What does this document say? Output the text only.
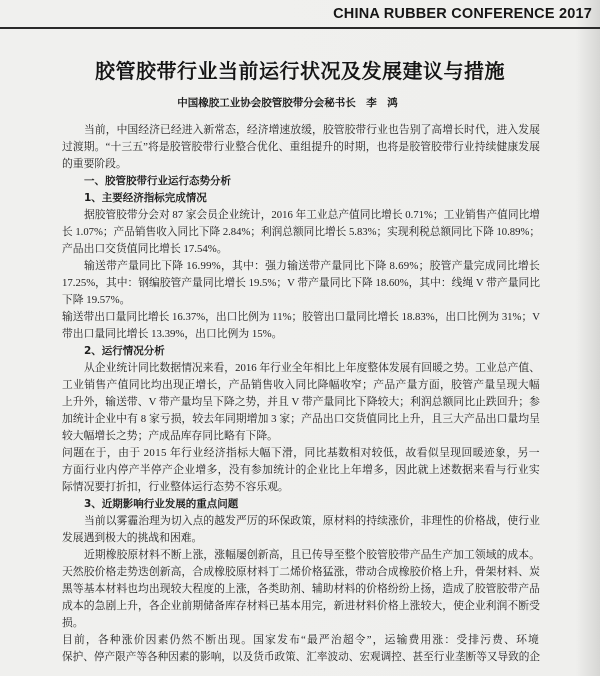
CHINA RUBBER CONFERENCE 2017
胶管胶带行业当前运行状况及发展建议与措施
中国橡胶工业协会胶管胶带分会秘书长　李　鸿
当前，中国经济已经进入新常态，经济增速放缓，胶管胶带行业也告别了高增长时代，进入发展
过渡期。“十三五”将是胶管胶带行业整合优化、重组提升的时期，也将是胶管胶带行业持续健康发展
的重要阶段。
一、胶管胶带行业运行态势分析
1、主要经济指标完成情况
据胶管胶带分会对 87 家会员企业统计，2016 年工业总产值同比增长 0.71%；工业销售产值同比增
长 1.07%；产品销售收入同比下降 2.84%；利润总额同比增长 5.83%；实现利税总额同比下降 10.89%；
产品出口交货值同比增长 17.54%。
输送带产量同比下降 16.99%，其中：强力输送带产量同比下降 8.69%；胶管产量完成同比增长
17.25%，其中：钢编胶管产量同比增长 19.5%；V 带产量同比下降 18.60%，其中：线绳 V 带产量同比
下降 19.57%。
输送带出口量同比增长 16.37%，出口比例为 11%；胶管出口量同比增长 18.83%，出口比例为 31%；V
带出口量同比增长 13.39%，出口比例为 15%。
2、运行情况分析
从企业统计同比数据情况来看，2016 年行业全年相比上年度整体发展有回暖之势。工业总产值、
工业销售产值同比均出现正增长，产品销售收入同比降幅收窄；产品产量方面，胶管产量呈现大幅
上升外，输送带、V 带产量均呈下降之势，并且 V 带产量同比下降较大；利润总额同比止跌回升；参
加统计企业中有 8 家亏损，较去年同期增加 3 家；产品出口交货值同比上升，且三大产品出口量均呈
较大幅增长之势；产成品库存同比略有下降。
问题在于，由于 2015 年行业经济指标大幅下滑，同比基数相对较低，故看似呈现回暖迹象，另一
方面行业内停产半停产企业增多，没有参加统计的企业比上年增多，因此就上述数据来看与行业实
际情况要打折扣，行业整体运行态势不容乐观。
3、近期影响行业发展的重点问题
当前以雾霾治理为切入点的越发严厉的环保政策，原材料的持续涨价，非理性的价格战，使行业
发展遇到极大的挑战和困难。
近期橡胶原材料不断上涨，涨幅屡创新高，且已传导至整个胶管胶带产品生产加工领域的成本。
天然胶价格走势迭创新高，合成橡胶原材料丁二烯价格猛涨，带动合成橡胶价格上升，骨架材料、炭
黑等基本材料也均出现较大程度的上涨，各类助剂、辅助材料的价格纷纷上扬，造成了胶管胶带产品
成本的急剧上升，各企业前期储备库存材料已基本用完，新进材料价格上涨较大，使企业利润不断受
损。
目前，各种涨价因素仍然不断出现。国家发布“最严治超令”，运输费用涨：受排污费、环境
保护、停产限产等各种因素的影响，以及货币政策、汇率波动、宏观调控、甚至行业垄断等又导致的企
